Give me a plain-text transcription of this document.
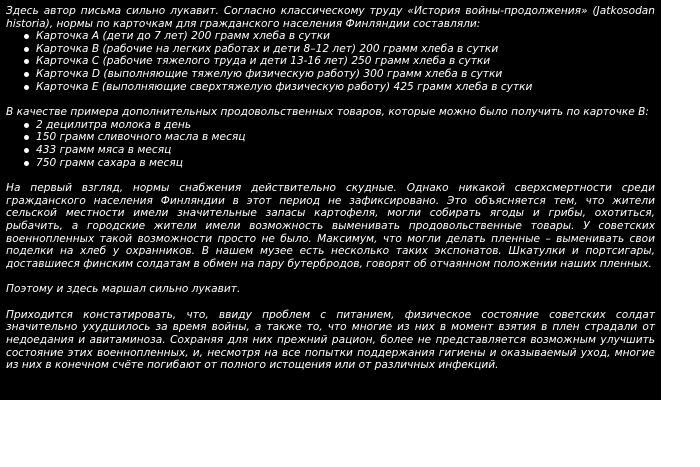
Здесь автор письма сильно лукавит. Согласно классическому труду «История войны-продолжения» (Jatkosodan historia), нормы по карточкам для гражданского населения Финляндии составляли:

Карточка A (дети до 7 лет) 200 грамм хлеба в сутки
Карточка B (рабочие на легких работах и дети 8–12 лет) 200 грамм хлеба в сутки
Карточка C (рабочие тяжелого труда и дети 13-16 лет) 250 грамм хлеба в сутки
Карточка D (выполняющие тяжелую физическую работу) 300 грамм хлеба в сутки
Карточка E (выполняющие сверхтяжелую физическую работу) 425 грамм хлеба в сутки

В качестве примера дополнительных продовольственных товаров, которые можно было получить по карточке B:

2 децилитра молока в день
150 грамм сливочного масла в месяц
433 грамм мяса в месяц
750 грамм сахара в месяц

На первый взгляд, нормы снабжения действительно скудные. Однако никакой сверхсмертности среди гражданского населения Финляндии в этот период не зафиксировано. Это объясняется тем, что жители сельской местности имели значительные запасы картофеля, могли собирать ягоды и грибы, охотиться, рыбачить, а городские жители имели возможность выменивать продовольственные товары. У советских военнопленных такой возможности просто не было. Максимум, что могли делать пленные – выменивать свои поделки на хлеб у охранников. В нашем музее есть несколько таких экспонатов. Шкатулки и портсигары, доставшиеся финским солдатам в обмен на пару бутербродов, говорят об отчаянном положении наших пленных.

Поэтому и здесь маршал сильно лукавит.

Приходится констатировать, что, ввиду проблем с питанием, физическое состояние советских солдат значительно ухудшилось за время войны, а также то, что многие из них в момент взятия в плен страдали от недоедания и авитаминоза. Сохраняя для них прежний рацион, более не представляется возможным улучшить состояние этих военнопленных, и, несмотря на все попытки поддержания гигиены и оказываемый уход, многие из них в конечном счёте погибают от полного истощения или от различных инфекций.
